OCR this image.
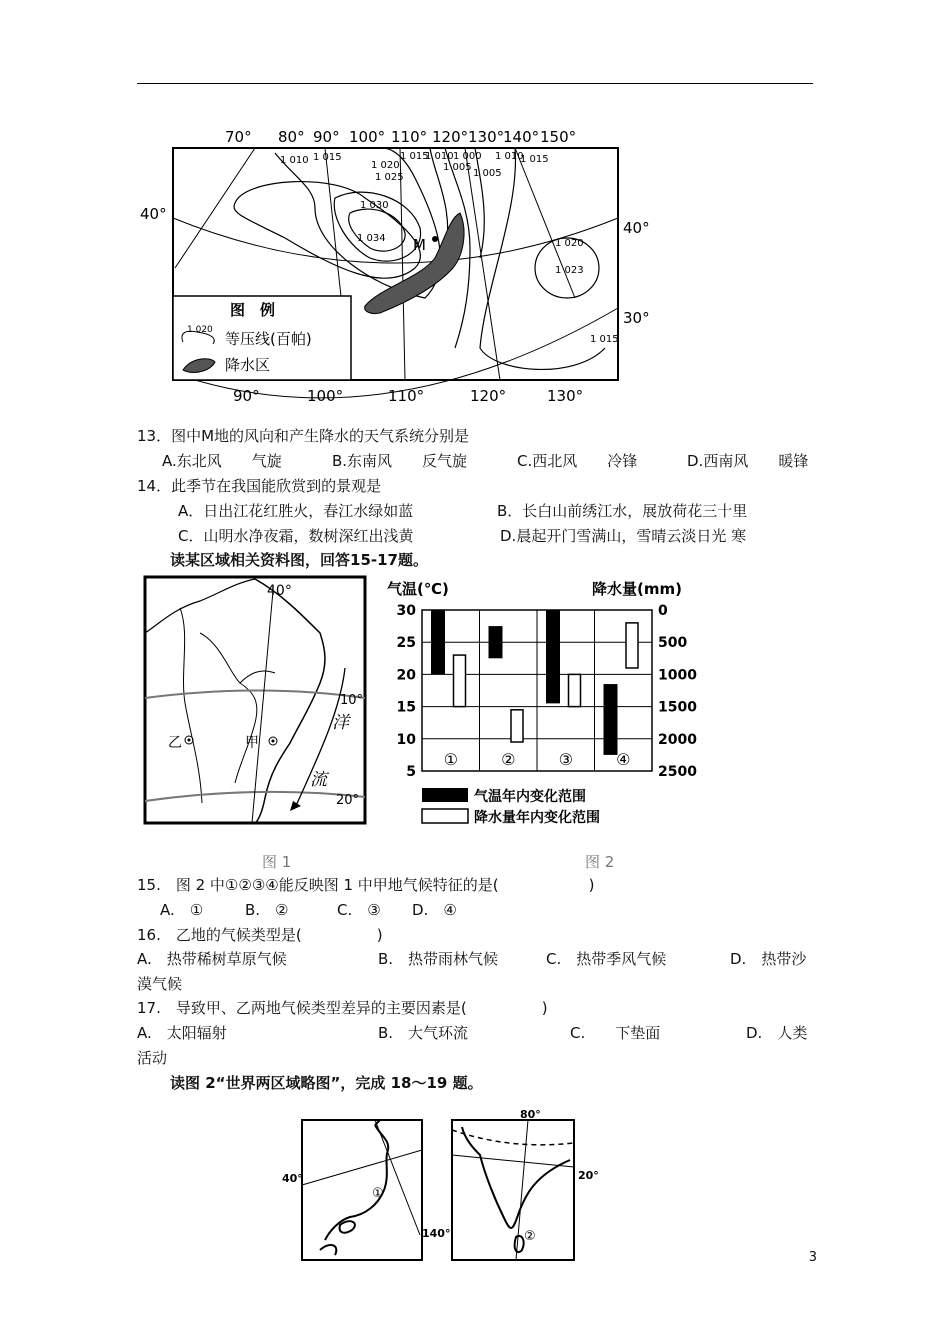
70° 80° 90° 100° 110° 120° 130°
140° 150°
90°	100°	110°	120°	130°
40°
40°
30°
1 010 1 015
1 020
1 025
1 030
1 034
1 015
1 010 1 000
1 005
1 005
1 010
1 015
1 020
1 023
1 015
M
图　例
1 020 等压线(百帕)
降水区
13．图中M地的风向和产生降水的天气系统分别是
A.东北风　　气旋	B.东南风　　反气旋	C.西北风　　冷锋	D.西南风　　暖锋
14．此季节在我国能欣赏到的景观是
A．日出江花红胜火，春江水绿如蓝	B．长白山前绣江水，展放荷花三十里
C．山明水净夜霜，数树深红出浅黄	D.晨起开门雪满山，雪晴云淡日光 寒
读某区域相关资料图，回答15-17题。
40°
10°
20°
洋
流
乙	甲
气温(℃)	降水量(mm)
30
25
20
15
10
5
0
500
1000
1500
2000
2500
①	②	③	④
气温年内变化范围
降水量年内变化范围
图 1	图 2
15.　图 2 中①②③④能反映图 1 中甲地气候特征的是(　　　　　　)
A.　①	B.　②	C.　③ D.　④
16.　乙地的气候类型是(　　　　　)
A.　热带稀树草原气候	B.　热带雨林气候	C.　热带季风气候	D.　热带沙
漠气候
17.　导致甲、乙两地气候类型差异的主要因素是(　　　　　)
A.　太阳辐射	B.　大气环流	C.　　下垫面	D.　人类
活动
读图 2“世界两区域略图”，完成 18～19 题。
40°
140°
①
80°
20°
②
3
